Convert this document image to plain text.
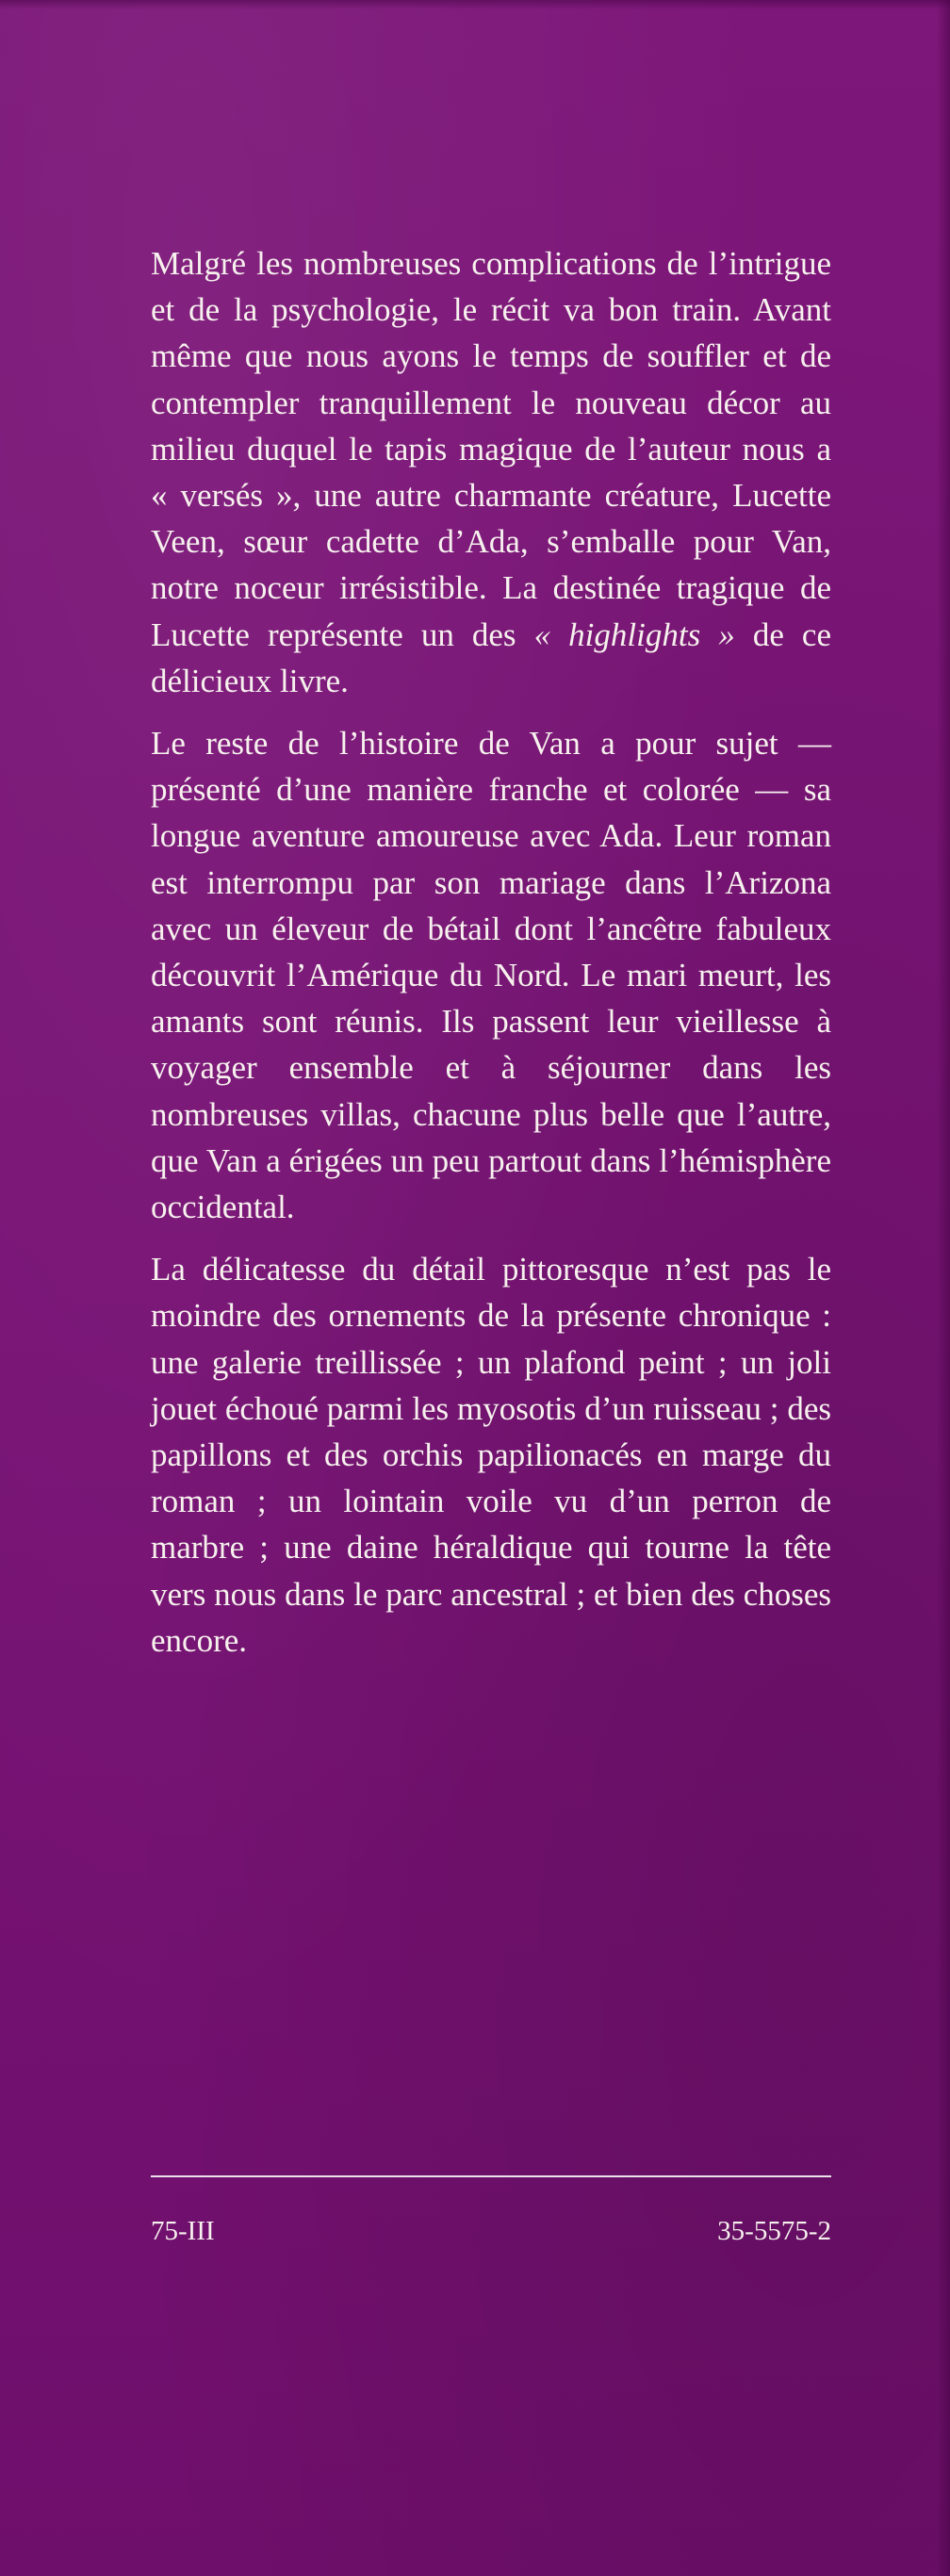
Malgré les nombreuses complications de l’intrigue et de la psychologie, le récit va bon train. Avant même que nous ayons le temps de souffler et de contempler tranquillement le nouveau décor au milieu duquel le tapis magique de l’auteur nous a « versés », une autre charmante créature, Lucette Veen, sœur cadette d’Ada, s’emballe pour Van, notre noceur irrésistible. La destinée tragique de Lucette représente un des « highlights » de ce délicieux livre.

Le reste de l’histoire de Van a pour sujet — présenté d’une manière franche et colorée — sa longue aventure amoureuse avec Ada. Leur roman est interrompu par son mariage dans l’Arizona avec un éleveur de bétail dont l’ancêtre fabuleux découvrit l’Amérique du Nord. Le mari meurt, les amants sont réunis. Ils passent leur vieillesse à voyager ensemble et à séjourner dans les nombreuses villas, chacune plus belle que l’autre, que Van a érigées un peu partout dans l’hémisphère occidental.

La délicatesse du détail pittoresque n’est pas le moindre des ornements de la présente chronique : une galerie treillissée ; un plafond peint ; un joli jouet échoué parmi les myosotis d’un ruisseau ; des papillons et des orchis papilionacés en marge du roman ; un lointain voile vu d’un perron de marbre ; une daine héraldique qui tourne la tête vers nous dans le parc ancestral ; et bien des choses encore.

75-III	35-5575-2
